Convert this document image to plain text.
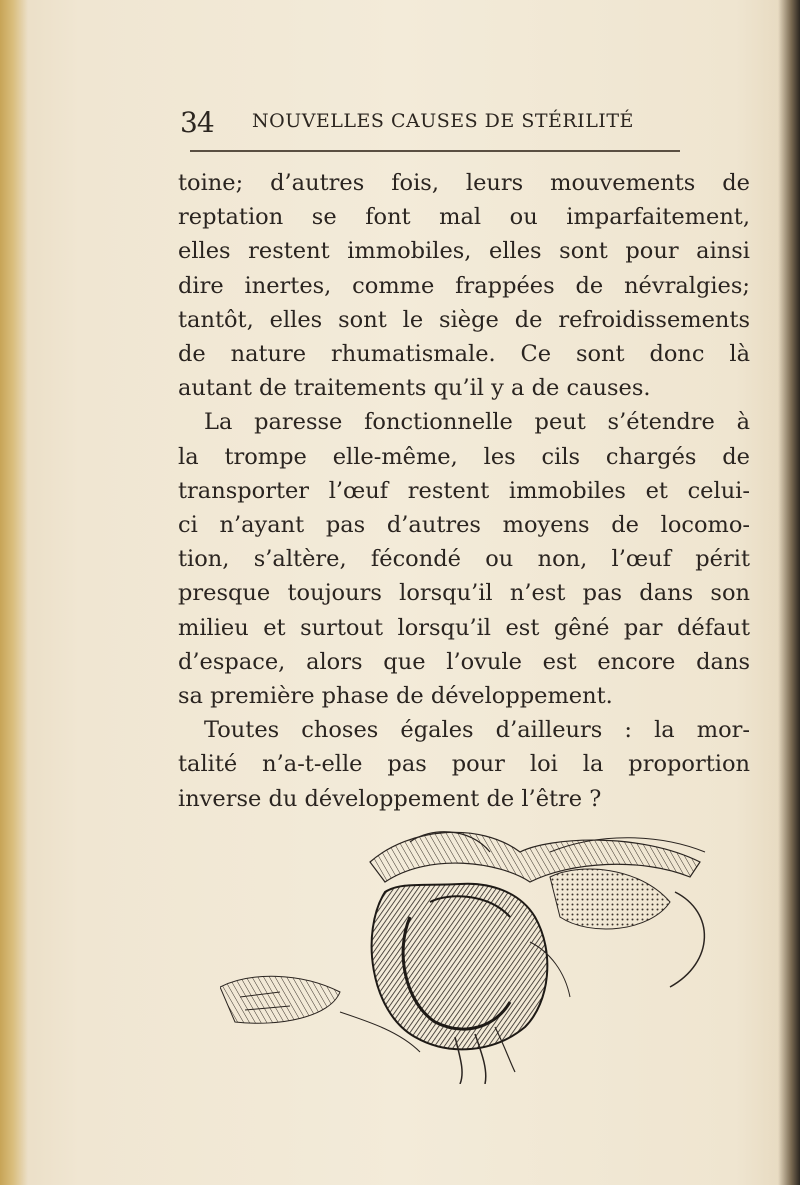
34 NOUVELLES CAUSES DE STÉRILITÉ
toine; d’autres fois, leurs mouvements de
reptation se font mal ou imparfaitement,
elles restent immobiles, elles sont pour ainsi
dire inertes, comme frappées de névralgies;
tantôt, elles sont le siège de refroidissements
de nature rhumatismale. Ce sont donc là
autant de traitements qu’il y a de causes.
La paresse fonctionnelle peut s’étendre à
la trompe elle-même, les cils chargés de
transporter l’œuf restent immobiles et celui-
ci n’ayant pas d’autres moyens de locomo-
tion, s’altère, fécondé ou non, l’œuf périt
presque toujours lorsqu’il n’est pas dans son
milieu et surtout lorsqu’il est gêné par défaut
d’espace, alors que l’ovule est encore dans
sa première phase de développement.
Toutes choses égales d’ailleurs : la mor-
talité n’a-t-elle pas pour loi la proportion
inverse du développement de l’être ?
